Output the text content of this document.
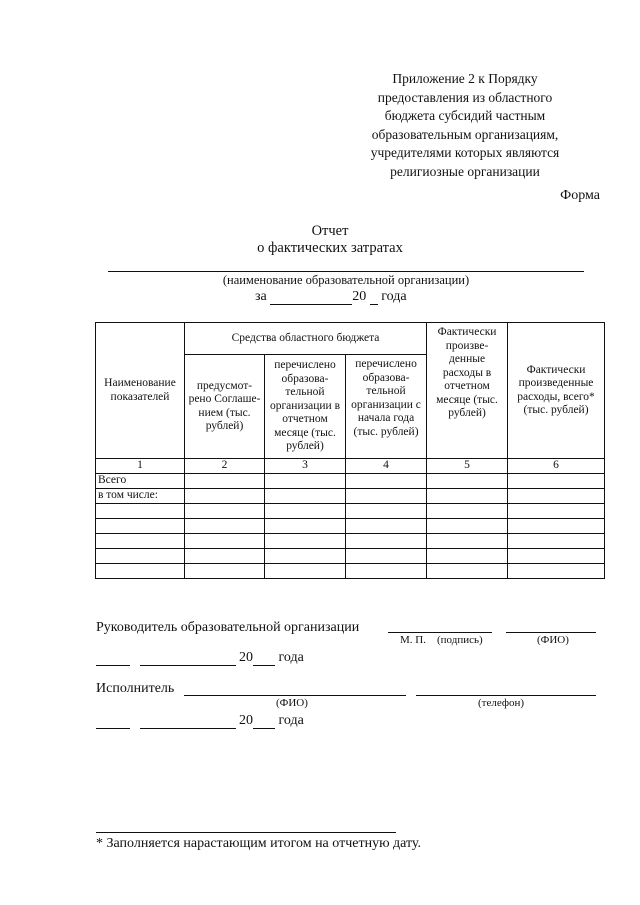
Приложение 2 к Порядку
предоставления из областного
бюджета субсидий частным
образовательным организациям,
учредителями которых являются
религиозные организации
Форма
Отчет
о фактических затратах
(наименование образовательной организации)
за	20 года
Наименование показателей	Средства областного бюджета			Фактически произве-денные расходы в отчетном месяце (тыс. рублей)	Фактически произведенные расходы, всего* (тыс. рублей)
	предусмот-рено Соглаше-нием (тыс. рублей)	перечислено образова-тельной организации в отчетном месяце (тыс. рублей)	перечислено образова-тельной организации с начала года (тыс. рублей)		
1	2	3	4	5	6
Всего					
в том числе:					

Руководитель образовательной организации
М. П. (подпись)	(ФИО)
20 года
Исполнитель
(ФИО)	(телефон)
20 года
* Заполняется нарастающим итогом на отчетную дату.
